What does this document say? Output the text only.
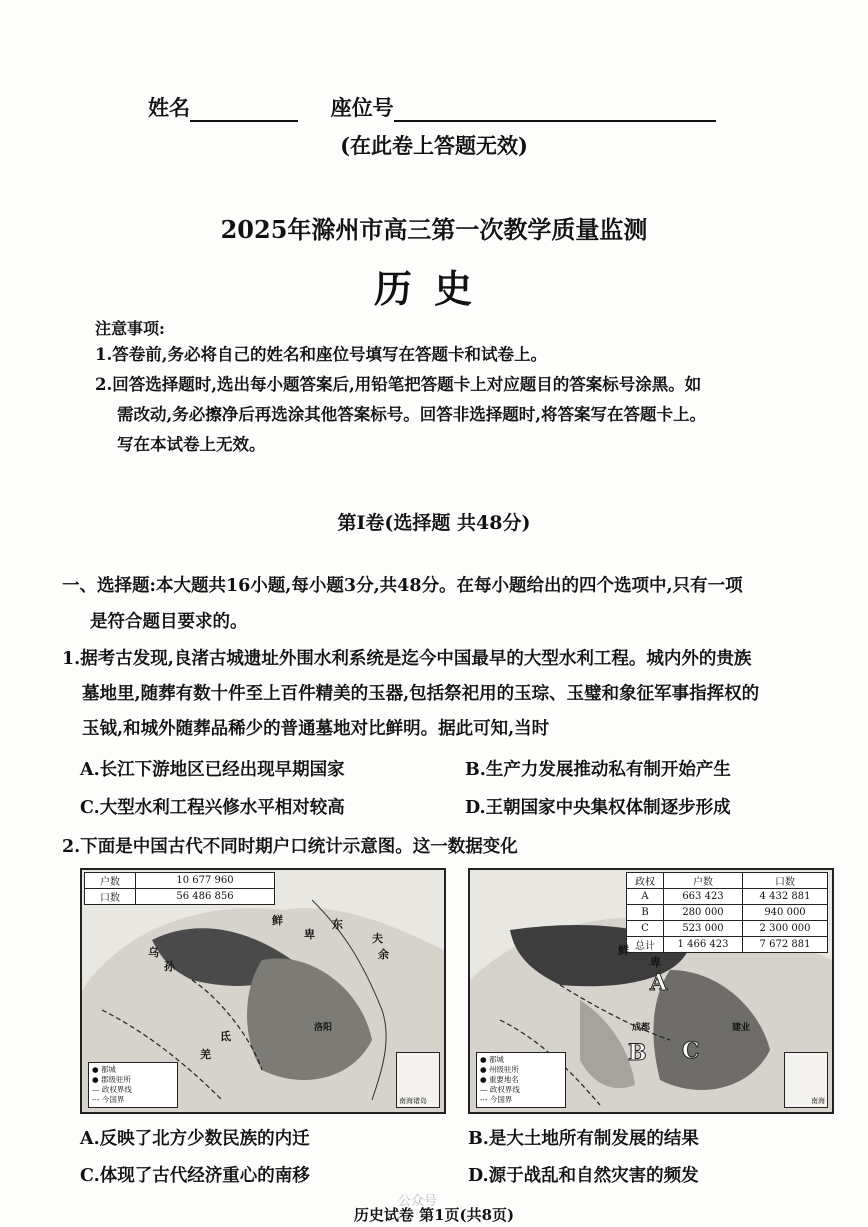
姓名	座位号
(在此卷上答题无效)
2025年滁州市高三第一次教学质量监测
历史
注意事项:
1.答卷前,务必将自己的姓名和座位号填写在答题卡和试卷上。
2.回答选择题时,选出每小题答案后,用铅笔把答题卡上对应题目的答案标号涂黑。如
需改动,务必擦净后再选涂其他答案标号。回答非选择题时,将答案写在答题卡上。
写在本试卷上无效。
第Ⅰ卷(选择题 共48分)
一、选择题:本大题共16小题,每小题3分,共48分。在每小题给出的四个选项中,只有一项
是符合题目要求的。
1.据考古发现,良渚古城遗址外围水利系统是迄今中国最早的大型水利工程。城内外的贵族
墓地里,随葬有数十件至上百件精美的玉器,包括祭祀用的玉琮、玉璧和象征军事指挥权的
玉钺,和城外随葬品稀少的普通墓地对比鲜明。据此可知,当时
A.长江下游地区已经出现早期国家	B.生产力发展推动私有制开始产生
C.大型水利工程兴修水平相对较高	D.王朝国家中央集权体制逐步形成
2.下面是中国古代不同时期户口统计示意图。这一数据变化
户数	10 677 960
口数	56 486 856
鲜
卑
乌
孙
东
夫
余
洛阳
羌
氐
● 都城
● 郡级驻所
— 政权界线
-·- 今国界	南海诸岛
政权	户数	口数
A	663 423	4 432 881
B	280 000	940 000
C	523 000	2 300 000
总计	1 466 423	7 672 881
鲜
卑
建业
成都
A
B C
● 都城
● 州级驻所
● 重要地名
— 政权界线
-·- 今国界	南海
A.反映了北方少数民族的内迁	B.是大土地所有制发展的结果
C.体现了古代经济重心的南移	D.源于战乱和自然灾害的频发
公众号
历史试卷 第1页(共8页)
